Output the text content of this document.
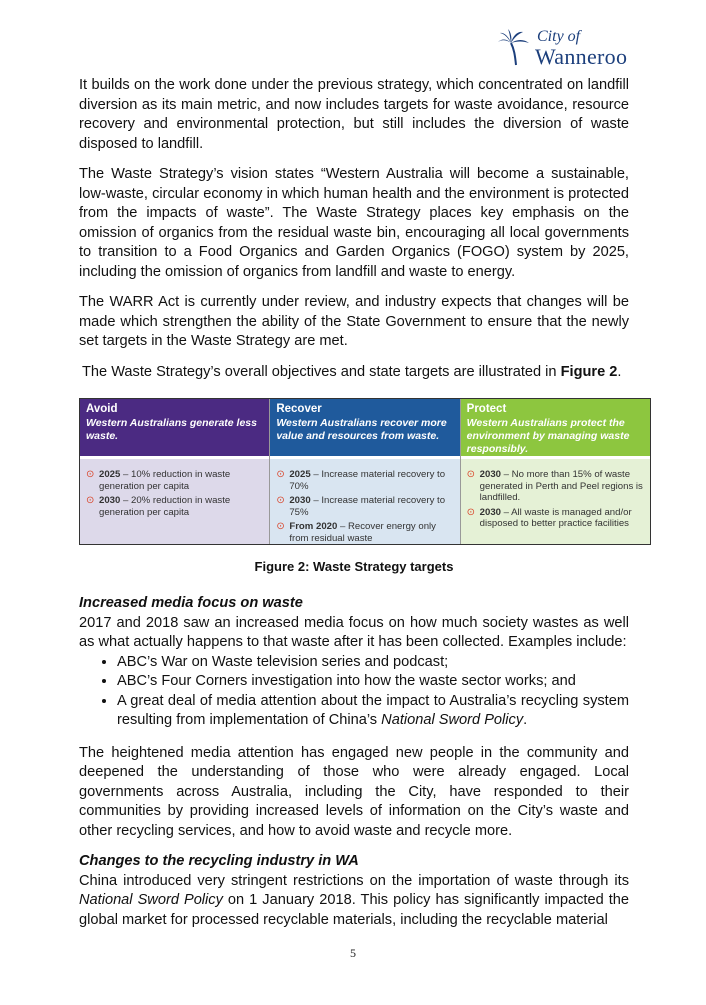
City of
Wanneroo

It builds on the work done under the previous strategy, which concentrated on landfill diversion as its main metric, and now includes targets for waste avoidance, resource recovery and environmental protection, but still includes the diversion of waste disposed to landfill.

The Waste Strategy’s vision states “Western Australia will become a sustainable, low-waste, circular economy in which human health and the environment is protected from the impacts of waste”. The Waste Strategy places key emphasis on the omission of organics from the residual waste bin, encouraging all local governments to transition to a Food Organics and Garden Organics (FOGO) system by 2025, including the omission of organics from landfill and waste to energy.

The WARR Act is currently under review, and industry expects that changes will be made which strengthen the ability of the State Government to ensure that the newly set targets in the Waste Strategy are met.

The Waste Strategy’s overall objectives and state targets are illustrated in Figure 2.

Avoid
Western Australians generate less waste.
⊙ 2025 – 10% reduction in waste generation per capita
⊙ 2030 – 20% reduction in waste generation per capita
Recover
Western Australians recover more value and resources from waste.
⊙ 2025 – Increase material recovery to 70%
⊙ 2030 – Increase material recovery to 75%
⊙ From 2020 – Recover energy only from residual waste
Protect
Western Australians protect the environment by managing waste responsibly.
⊙ 2030 – No more than 15% of waste generated in Perth and Peel regions is landfilled.
⊙ 2030 – All waste is managed and/or disposed to better practice facilities
Figure 2: Waste Strategy targets
Increased media focus on waste

2017 and 2018 saw an increased media focus on how much society wastes as well as what actually happens to that waste after it has been collected. Examples include:

• ABC’s War on Waste television series and podcast;
• ABC’s Four Corners investigation into how the waste sector works; and
• A great deal of media attention about the impact to Australia’s recycling system resulting from implementation of China’s National Sword Policy.

The heightened media attention has engaged new people in the community and deepened the understanding of those who were already engaged. Local governments across Australia, including the City, have responded to their communities by providing increased levels of information on the City’s waste and other recycling services, and how to avoid waste and recycle more.

Changes to the recycling industry in WA

China introduced very stringent restrictions on the importation of waste through its National Sword Policy on 1 January 2018. This policy has significantly impacted the global market for processed recyclable materials, including the recyclable material

5
